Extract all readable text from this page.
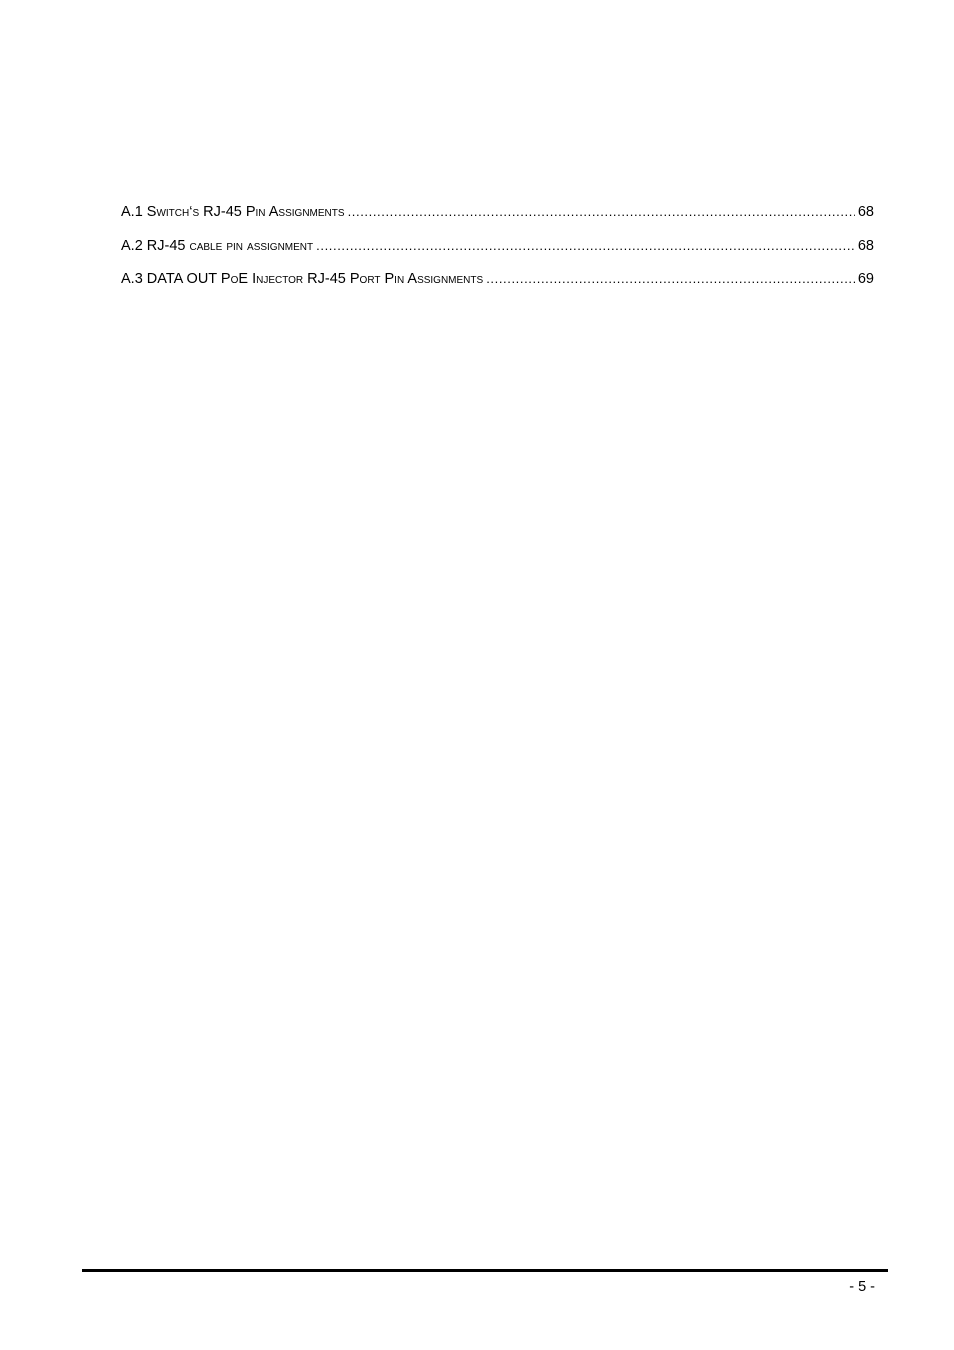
A.1 Switch‘s RJ-45 Pin Assignments .....	68
A.2 RJ-45 cable pin assignment .....	68
A.3 DATA OUT PoE Injector RJ-45 Port Pin Assignments .....	69
- 5 -
